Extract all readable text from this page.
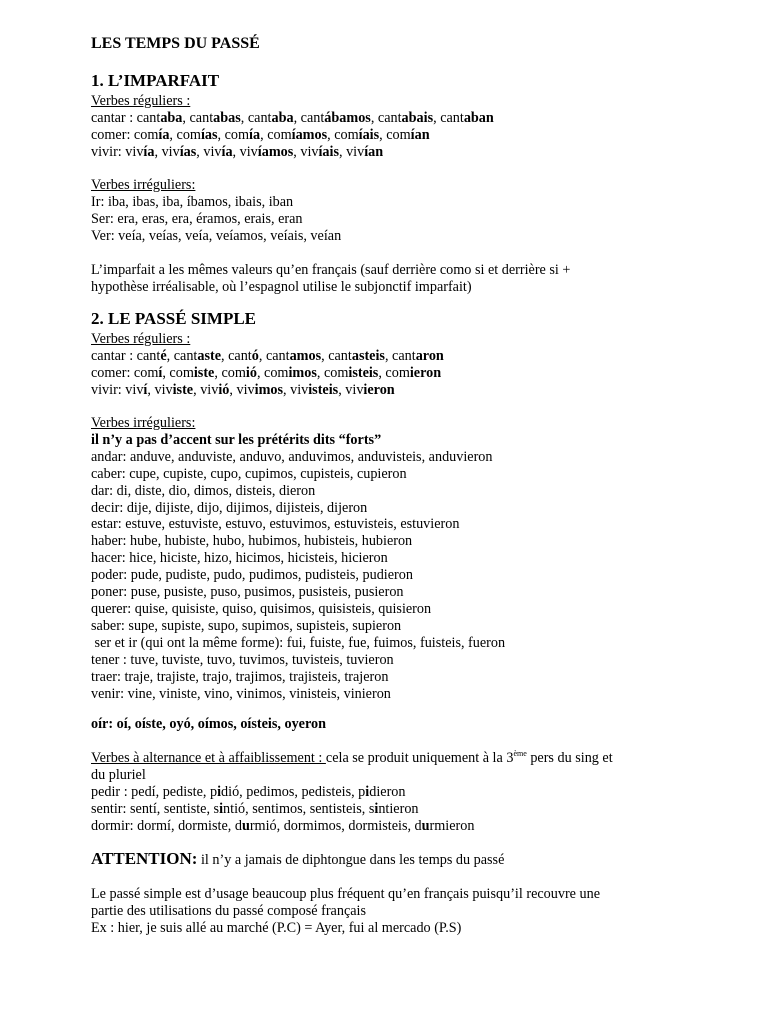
LES TEMPS DU PASSÉ
1. L’IMPARFAIT
Verbes réguliers :
cantar : cantaba, cantabas, cantaba, cantábamos, cantabais, cantaban
comer: comía, comías, comía, comíamos, comíais, comían
vivir: vivía, vivías, vivía, vivíamos, vivíais, vivían
Verbes irréguliers:
Ir: iba, ibas, iba, íbamos, ibais, iban
Ser: era, eras, era, éramos, erais, eran
Ver: veía, veías, veía, veíamos, veíais, veían
L’imparfait a les mêmes valeurs qu’en français (sauf derrière como si et derrière si +
hypothèse irréalisable, où l’espagnol utilise le subjonctif imparfait)
2. LE PASSÉ SIMPLE
Verbes réguliers :
cantar : canté, cantaste, cantó, cantamos, cantasteis, cantaron
comer: comí, comiste, comió, comimos, comisteis, comieron
vivir: viví, viviste, vivió, vivimos, vivisteis, vivieron
Verbes irréguliers:
il n’y a pas d’accent sur les prétérits dits “forts”
andar: anduve, anduviste, anduvo, anduvimos, anduvisteis, anduvieron
caber: cupe, cupiste, cupo, cupimos, cupisteis, cupieron
dar: di, diste, dio, dimos, disteis, dieron
decir: dije, dijiste, dijo, dijimos, dijisteis, dijeron
estar: estuve, estuviste, estuvo, estuvimos, estuvisteis, estuvieron
haber: hube, hubiste, hubo, hubimos, hubisteis, hubieron
hacer: hice, hiciste, hizo, hicimos, hicisteis, hicieron
poder: pude, pudiste, pudo, pudimos, pudisteis, pudieron
poner: puse, pusiste, puso, pusimos, pusisteis, pusieron
querer: quise, quisiste, quiso, quisimos, quisisteis, quisieron
saber: supe, supiste, supo, supimos, supisteis, supieron
ser et ir (qui ont la même forme): fui, fuiste, fue, fuimos, fuisteis, fueron
tener : tuve, tuviste, tuvo, tuvimos, tuvisteis, tuvieron
traer: traje, trajiste, trajo, trajimos, trajisteis, trajeron
venir: vine, viniste, vino, vinimos, vinisteis, vinieron
oír: oí, oíste, oyó, oímos, oísteis, oyeron
Verbes à alternance et à affaiblissement : cela se produit uniquement à la 3ème pers du sing et
du pluriel
pedir : pedí, pediste, pidió, pedimos, pedisteis, pidieron
sentir: sentí, sentiste, sintió, sentimos, sentisteis, sintieron
dormir: dormí, dormiste, durmió, dormimos, dormisteis, durmieron
ATTENTION: il n’y a jamais de diphtongue dans les temps du passé
Le passé simple est d’usage beaucoup plus fréquent qu’en français puisqu’il recouvre une
partie des utilisations du passé composé français
Ex : hier, je suis allé au marché (P.C) = Ayer, fui al mercado (P.S)
